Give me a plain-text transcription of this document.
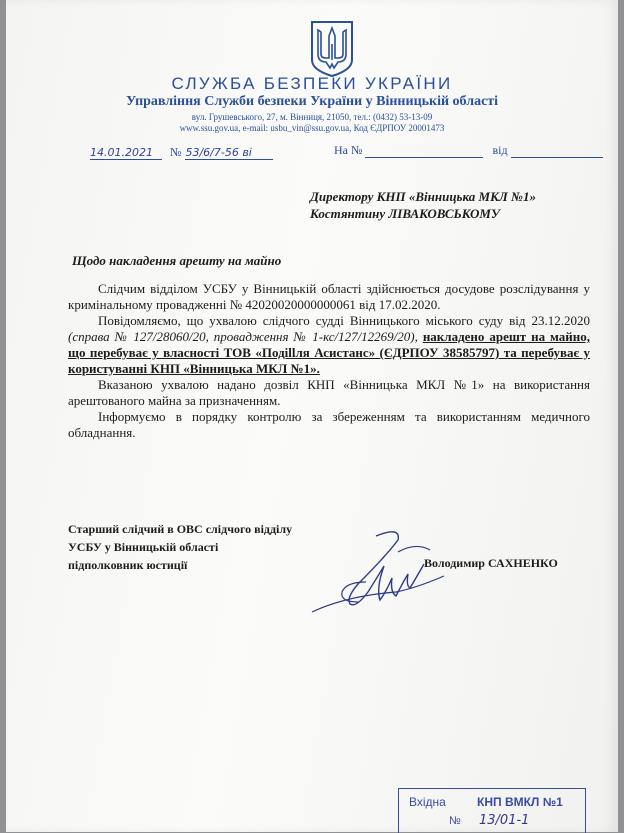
СЛУЖБА БЕЗПЕКИ УКРАЇНИ
Управління Служби безпеки України у Вінницькій області
вул. Грушевського, 27, м. Вінниця, 21050, тел.: (0432) 53-13-09
www.ssu.gov.ua, e-mail: usbu_vin@ssu.gov.ua, Код ЄДРПОУ 20001473
14.01.2021 № 53/6/7-56 ві	На №	від
Директору КНП «Вінницька МКЛ №1»
Костянтину ЛІВАКОВСЬКОМУ
Щодо накладення арешту на майно

Слідчим відділом УСБУ у Вінницькій області здійснюється досудове розслідування у кримінальному провадженні № 42020020000000061 від 17.02.2020.

Повідомляємо, що ухвалою слідчого судді Вінницького міського суду від 23.12.2020 (справа № 127/28060/20, провадження № 1-кс/127/12269/20), накладено арешт на майно, що перебуває у власності ТОВ «Подillля Асистанс» (ЄДРПОУ 38585797) та перебуває у користуванні КНП «Вінницька МКЛ №1».

Вказаною ухвалою надано дозвіл КНП «Вінницька МКЛ №1» на використання арештованого майна за призначенням.

Інформуємо в порядку контролю за збереженням та використанням медичного обладнання.

Старший слідчий в ОВС слідчого відділу
УСБУ у Вінницькій області
підполковник юстиції	Володимир САХНЕНКО
Вхідна	КНП ВМКЛ №1
№ 13/01-1
